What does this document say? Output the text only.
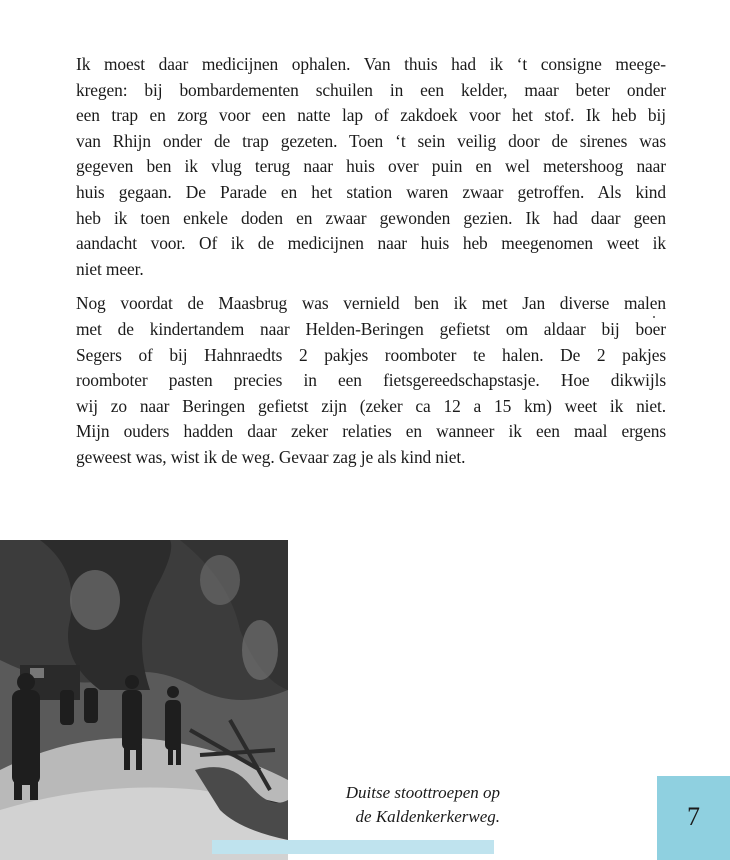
Ik moest daar medicijnen ophalen. Van thuis had ik ‘t consigne meege-
kregen: bij bombardementen schuilen in een kelder, maar beter onder
een trap en zorg voor een natte lap of zakdoek voor het stof. Ik heb bij
van Rhijn onder de trap gezeten. Toen ‘t sein veilig door de sirenes was
gegeven ben ik vlug terug naar huis over puin en wel metershoog naar
huis gegaan. De Parade en het station waren zwaar getroffen. Als kind
heb ik toen enkele doden en zwaar gewonden gezien. Ik had daar geen
aandacht voor. Of ik de medicijnen naar huis heb meegenomen weet ik
niet meer.

Nog voordat de Maasbrug was vernield ben ik met Jan diverse malen
met de kindertandem naar Helden-Beringen gefietst om aldaar bij boer
Segers of bij Hahnraedts 2 pakjes roomboter te halen. De 2 pakjes
roomboter pasten precies in een fietsgereedschapstasje. Hoe dikwijls
wij zo naar Beringen gefietst zijn (zeker ca 12 a 15 km) weet ik niet.
Mijn ouders hadden daar zeker relaties en wanneer ik een maal ergens
geweest was, wist ik de weg. Gevaar zag je als kind niet.

Duitse stoottroepen op
de Kaldenkerkerweg.	7
